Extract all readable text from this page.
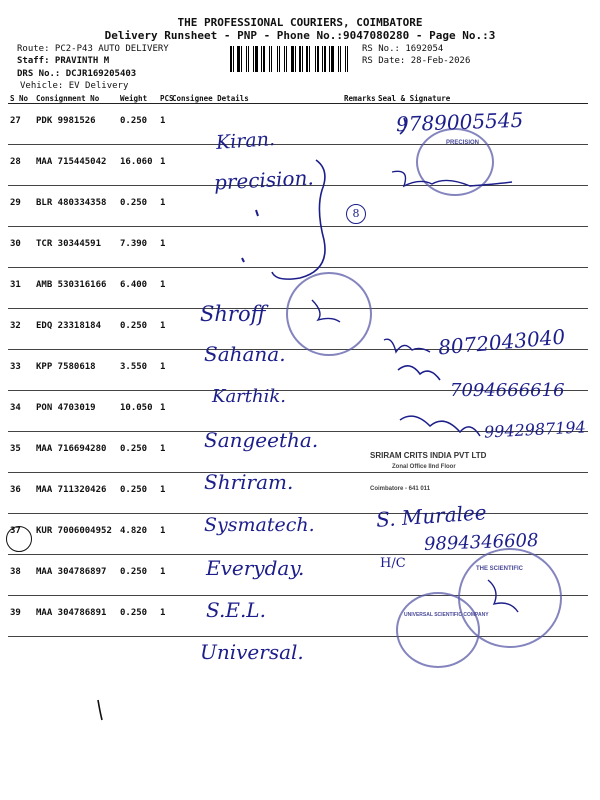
THE PROFESSIONAL COURIERS, COIMBATORE
Delivery Runsheet - PNP - Phone No.:9047080280 - Page No.:3
Route: PC2-P43 AUTO DELIVERY
Staff: PRAVINTH M
DRS No.: DCJR169205403
Vehicle: EV Delivery
RS No.: 1692054
RS Date: 28-Feb-2026
S No	Consignment No	Weight	PCS	Consignee Details	Remarks	Seal & Signature
27	PDK 9981526	0.250	1			
28	MAA 715445042	16.060	1			
29	BLR 480334358	0.250	1			
30	TCR 30344591	7.390	1			
31	AMB 530316166	6.400	1			
32	EDQ 23318184	0.250	1			
33	KPP 7580618	3.550	1			
34	PON 4703019	10.050	1			
35	MAA 716694280	0.250	1			
36	MAA 711320426	0.250	1			
37	KUR 7006004952	4.820	1			
38	MAA 304786897	0.250	1			
39	MAA 304786891	0.250	1			
PRECISION
THE SCIENTIFIC
UNIVERSAL SCIENTIFIC COMPANY
SRIRAM CRITS INDIA PVT LTD
Zonal Office IInd Floor
Coimbatore - 641 011
Kiran.
precision.
8
Shroff
Sahana.
Karthik.
Sangeetha.
Shriram.
Sysmatech.
Everyday.
S.E.L.
Universal.
9789005545
8072043040
7094666616
9942987194
S. Muralee
9894346608
H/C
